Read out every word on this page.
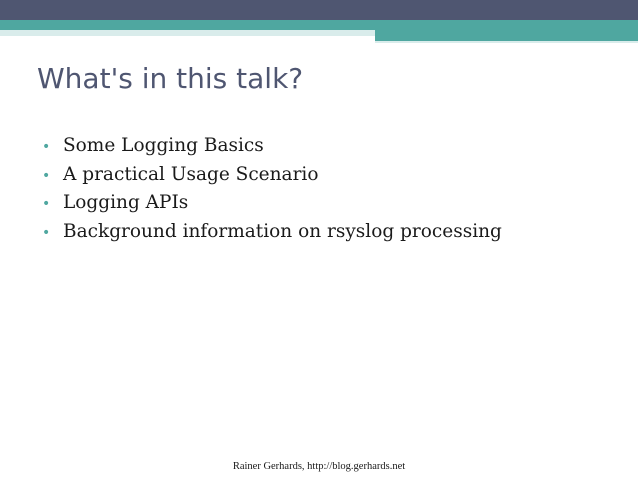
What's in this talk?
• Some Logging Basics
• A practical Usage Scenario
• Logging APIs
• Background information on rsyslog processing
Rainer Gerhards, http://blog.gerhards.net
